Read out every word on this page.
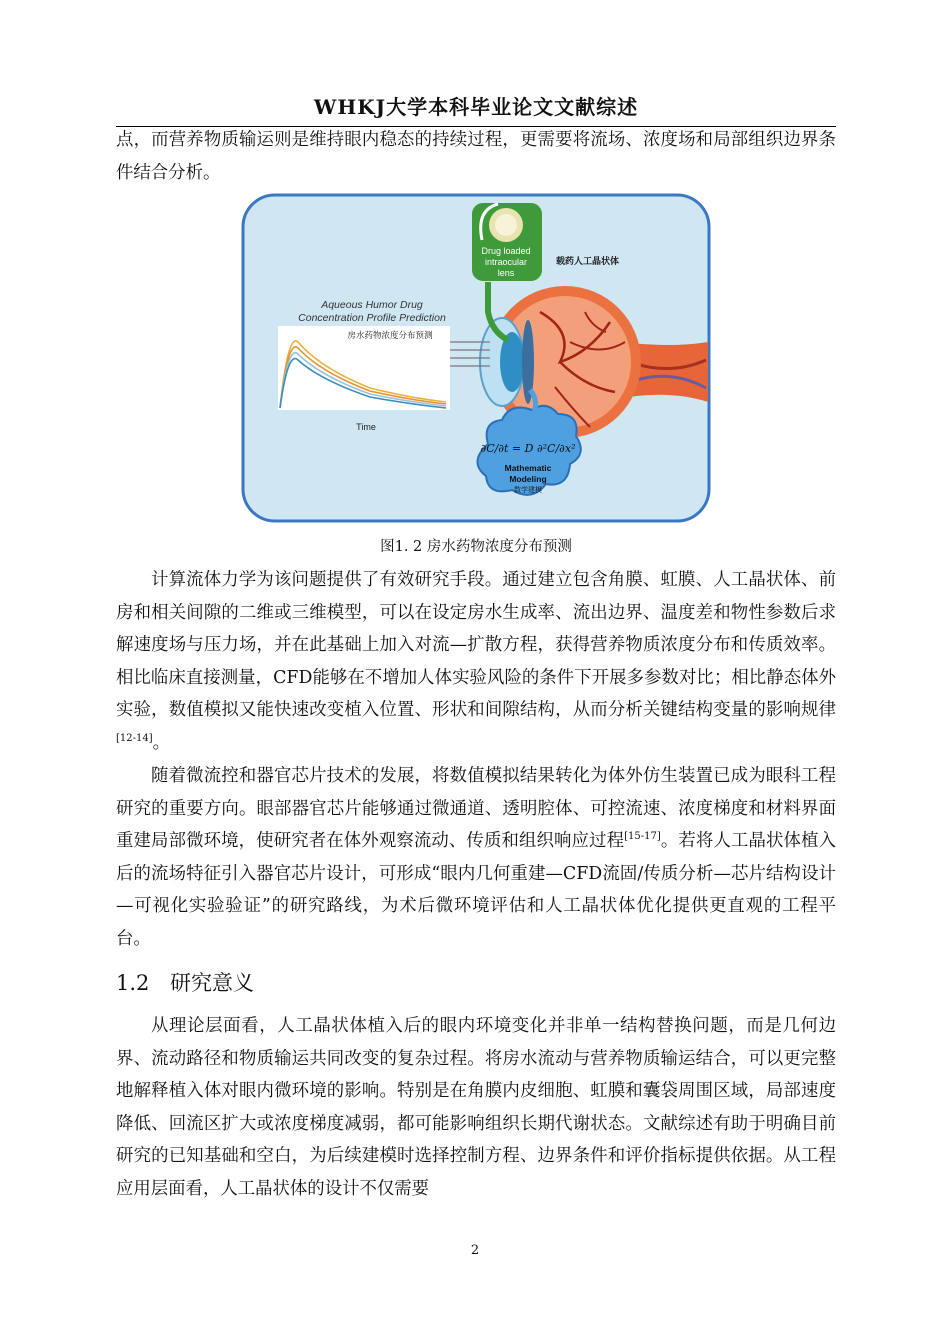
WHKJ大学本科毕业论文文献综述

点，而营养物质输运则是维持眼内稳态的持续过程，更需要将流场、浓度场和局部组织边界条件结合分析。

Drug loaded
intraocular
lens
载药人工晶状体
Aqueous Humor Drug
Concentration Profile Prediction
房水药物浓度分布预测
Time
∂C/∂t = D ∂²C/∂x²
Mathematic
Modeling
数学建模
图1. 2 房水药物浓度分布预测

计算流体力学为该问题提供了有效研究手段。通过建立包含角膜、虹膜、人工晶状体、前房和相关间隙的二维或三维模型，可以在设定房水生成率、流出边界、温度差和物性参数后求解速度场与压力场，并在此基础上加入对流—扩散方程，获得营养物质浓度分布和传质效率。相比临床直接测量，CFD能够在不增加人体实验风险的条件下开展多参数对比；相比静态体外实验，数值模拟又能快速改变植入位置、形状和间隙结构，从而分析关键结构变量的影响规律[12-14]。

随着微流控和器官芯片技术的发展，将数值模拟结果转化为体外仿生装置已成为眼科工程研究的重要方向。眼部器官芯片能够通过微通道、透明腔体、可控流速、浓度梯度和材料界面重建局部微环境，使研究者在体外观察流动、传质和组织响应过程[15-17]。若将人工晶状体植入后的流场特征引入器官芯片设计，可形成“眼内几何重建—CFD流固/传质分析—芯片结构设计—可视化实验验证”的研究路线，为术后微环境评估和人工晶状体优化提供更直观的工程平台。

1.2 研究意义

从理论层面看，人工晶状体植入后的眼内环境变化并非单一结构替换问题，而是几何边界、流动路径和物质输运共同改变的复杂过程。将房水流动与营养物质输运结合，可以更完整地解释植入体对眼内微环境的影响。特别是在角膜内皮细胞、虹膜和囊袋周围区域，局部速度降低、回流区扩大或浓度梯度减弱，都可能影响组织长期代谢状态。文献综述有助于明确目前研究的已知基础和空白，为后续建模时选择控制方程、边界条件和评价指标提供依据。从工程应用层面看，人工晶状体的设计不仅需要

2
